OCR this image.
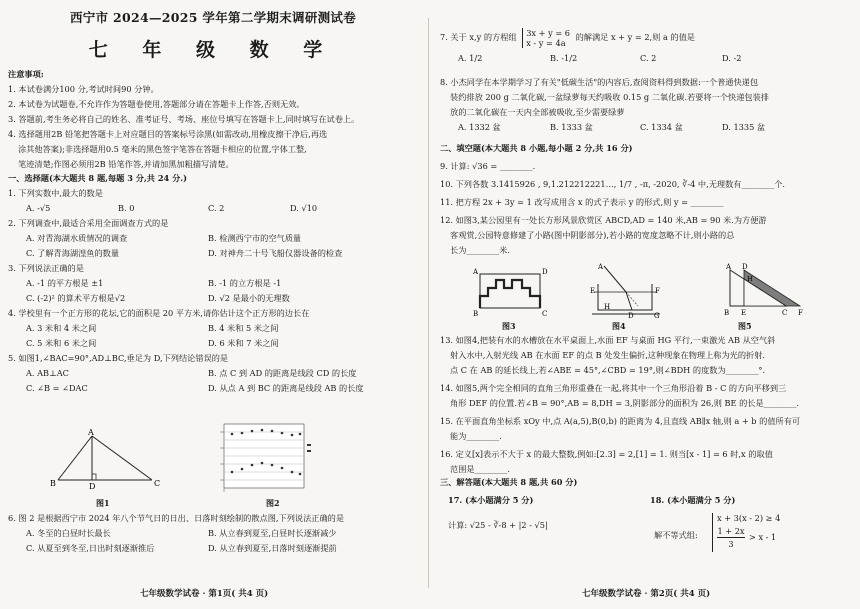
西宁市 2024—2025 学年第二学期末调研测试卷
七 年 级 数 学
注意事项:
1. 本试卷满分100 分,考试时间90 分钟。
2. 本试卷为试题卷,不允许作为答题卷使用,答题部分请在答题卡上作答,否则无效。
3. 答题前,考生务必将自己的姓名、准考证号、考场、座位号填写在答题卡上,同时填写在试卷上。
4. 选择题用2B 铅笔把答题卡上对应题目的答案标号涂黑(如需改动,用橡皮擦干净后,再选
涂其他答案);非选择题用0.5 毫米的黑色签字笔答在答题卡相应的位置,字体工整,
笔迹清楚;作图必须用2B 铅笔作答,并请加黑加粗描写清楚。
一、选择题(本大题共 8 题,每题 3 分,共 24 分.)
1. 下列实数中,最大的数是
A. -√5	B. 0	C. 2	D. √10
2. 下列调查中,最适合采用全面调查方式的是
A. 对青海湖水质情况的调查	B. 检测西宁市的空气质量
C. 了解青海湖湟鱼的数量	D. 对神舟二十号飞船仪器设备的检查
3. 下列说法正确的是
A. -1 的平方根是 ±1	B. -1 的立方根是 -1
C. (-2)² 的算术平方根是√2	D. √2 是最小的无理数
4. 学校里有一个正方形的花坛,它的面积是 20 平方米,请你估计这个正方形的边长在
A. 3 米和 4 米之间	B. 4 米和 5 米之间
C. 5 米和 6 米之间	D. 6 米和 7 米之间
5. 如图1,∠BAC=90°,AD⊥BC,垂足为 D,下列结论错误的是
A. AB⊥AC	B. 点 C 到 AD 的距离是线段 CD 的长度
C. ∠B = ∠DAC	D. 从点 A 到 BC 的距离是线段 AB 的长度
A
B	D	C
图1	图2
6. 图 2 是根据西宁市 2024 年八个节气日的日出、日落时刻绘制的散点图,下列说法正确的是
A. 冬至的白昼时长最长	B. 从立春到夏至,白昼时长逐渐减少
C. 从夏至到冬至,日出时刻逐渐推后	D. 从立春到夏至,日落时刻逐渐提前
七年级数学试卷 · 第1页( 共4 页)
7. 关于 x,y 的方程组 3x + y = 6
x - y = 4a
的解满足 x + y = 2,则 a 的值是
A. 1/2	B. -1/2	C. 2	D. -2
8. 小杰同学在本学期学习了有关"低碳生活"的内容后,查阅资料得到数据:一个普通快递包
装约排放 200 g 二氧化碳,一盆绿萝每天约吸收 0.15 g 二氧化碳.若要将一个快递包装排
放的二氧化碳在一天内全部被吸收,至少需要绿萝
A. 1332 盆	B. 1333 盆	C. 1334 盆	D. 1335 盆
二、填空题(本大题共 8 小题,每小题 2 分,共 16 分)
9. 计算: √36 = ________.
10. 下列各数 3.1415926 , 9,1.212212221…, 1/7 , -π, -2020, ∛-4 中,无理数有________个.
11. 把方程 2x + 3y = 1 改写成用含 x 的式子表示 y 的形式,则 y = ________
12. 如图3,某公园里有一处长方形风景欣赏区 ABCD,AD = 140 米,AB = 90 米.为方便游
客观赏,公园特意修建了小路(图中阴影部分),若小路的宽度忽略不计,则小路的总
长为________米.
A
B	C
D
图3
A
E	F
H
D	G
图4
A D
B E	F
C
H
图5
13. 如图4,把装有水的水槽放在水平桌面上,水面 EF 与桌面 HG 平行,一束激光 AB 从空气斜
射入水中,入射光线 AB 在水面 EF 的点 B 处发生偏折,这种现象在物理上称为光的折射.
点 C 在 AB 的延长线上,若∠ABE = 45°,∠CBD = 19°,则∠BDH 的度数为________°.
14. 如图5,两个完全相同的直角三角形重叠在一起,将其中一个三角形沿着 B - C 的方向平移到三
角形 DEF 的位置.若∠B = 90°,AB = 8,DH = 3,阴影部分的面积为 26,则 BE 的长是________.
15. 在平面直角坐标系 xOy 中,点 A(a,5),B(0,b) 的距离为 4,且直线 AB∥x 轴,则 a + b 的值所有可
能为________.
16. 定义[x]表示不大于 x 的最大整数,例如:[2.3] = 2,[1] = 1. 则当[x - 1] = 6 时,x 的取值
范围是________.
三、解答题(本大题共 8 题,共 60 分)
17. (本小题满分 5 分)
计算: √25 - ∛-8 + |2 - √5|
18. (本小题满分 5 分)
解不等式组:
x + 3(x - 2) ≥ 4
1 + 2x
3
> x - 1
七年级数学试卷 · 第2页( 共4 页)
